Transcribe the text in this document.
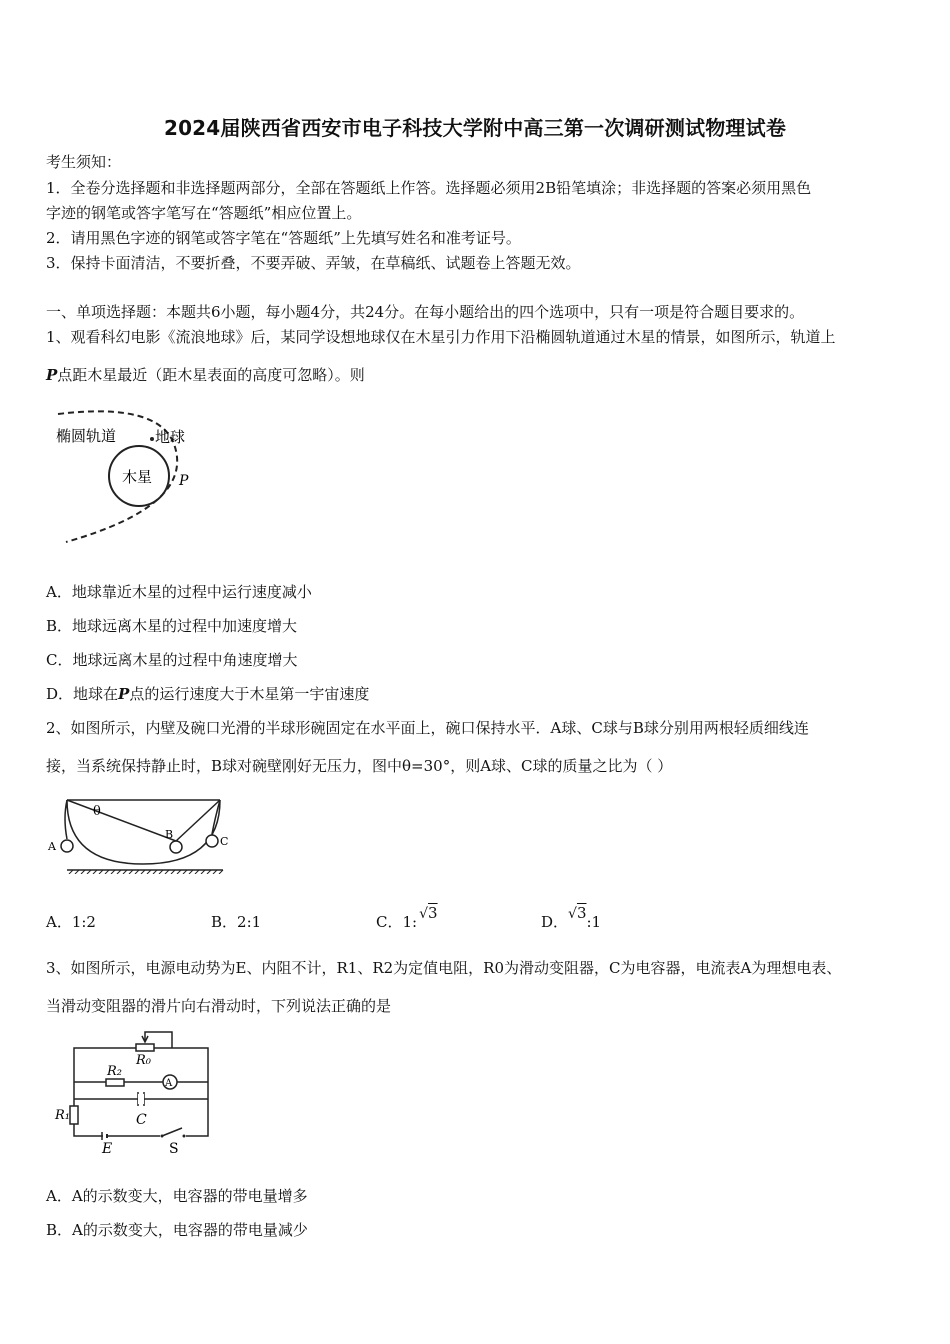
2024届陕西省西安市电子科技大学附中高三第一次调研测试物理试卷
考生须知：
1．全卷分选择题和非选择题两部分，全部在答题纸上作答。选择题必须用2B铅笔填涂；非选择题的答案必须用黑色
字迹的钢笔或答字笔写在“答题纸”相应位置上。
2．请用黑色字迹的钢笔或答字笔在“答题纸”上先填写姓名和准考证号。
3．保持卡面清洁，不要折叠，不要弄破、弄皱，在草稿纸、试题卷上答题无效。
一、单项选择题：本题共6小题，每小题4分，共24分。在每小题给出的四个选项中，只有一项是符合题目要求的。
1、观看科幻电影《流浪地球》后，某同学设想地球仅在木星引力作用下沿椭圆轨道通过木星的情景，如图所示，轨道上
P点距木星最近（距木星表面的高度可忽略）。则
椭圆轨道	地球
木星 P
A．地球靠近木星的过程中运行速度减小
B．地球远离木星的过程中加速度增大
C．地球远离木星的过程中角速度增大
D．地球在P点的运行速度大于木星第一宇宙速度
2、如图所示，内壁及碗口光滑的半球形碗固定在水平面上，碗口保持水平．A球、C球与B球分别用两根轻质细线连
接，当系统保持静止时，B球对碗壁刚好无压力，图中θ=30°，则A球、C球的质量之比为（ ）
A
B
C
θ
A．1:2	B．2:1	C．1: √3	D．√3:1
3、如图所示，电源电动势为E、内阻不计，R1、R2为定值电阻，R0为滑动变阻器，C为电容器，电流表A为理想电表、
当滑动变阻器的滑片向右滑动时，下列说法正确的是
R₀
R₂
A
C
R₁
E	S
A．A的示数变大，电容器的带电量增多
B．A的示数变大，电容器的带电量减少
